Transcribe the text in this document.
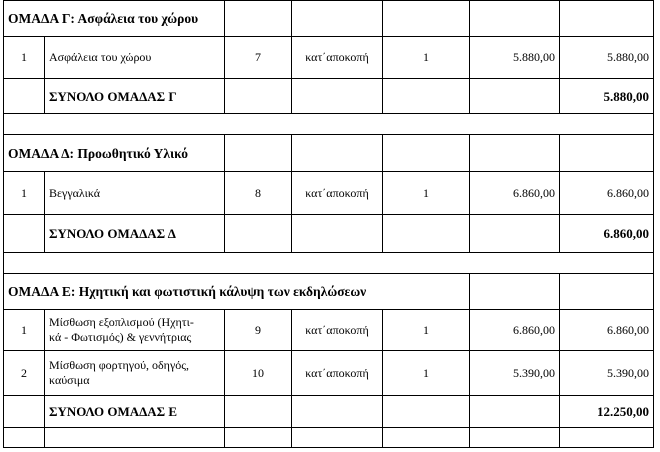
ΟΜΑΔΑ Γ: Ασφάλεια του χώρου						
1	Ασφάλεια του χώρου	7	κατ΄αποκοπή	1	5.880,00	5.880,00
	ΣΥΝΟΛΟ ΟΜΑΔΑΣ Γ					5.880,00

ΟΜΑΔΑ Δ: Προωθητικό Υλικό						
1	Βεγγαλικά	8	κατ΄αποκοπή	1	6.860,00	6.860,00
	ΣΥΝΟΛΟ ΟΜΑΔΑΣ Δ					6.860,00

ΟΜΑΔΑ Ε: Ηχητική και φωτιστική κάλυψη των εκδηλώσεων						
1	Μίσθωση εξοπλισμού (Ηχητι-
κά - Φωτισμός) & γεννήτριας	9	κατ΄αποκοπή	1	6.860,00	6.860,00
2	Μίσθωση φορτηγού, οδηγός,
καύσιμα	10	κατ΄αποκοπή	1	5.390,00	5.390,00
	ΣΥΝΟΛΟ ΟΜΑΔΑΣ Ε					12.250,00
